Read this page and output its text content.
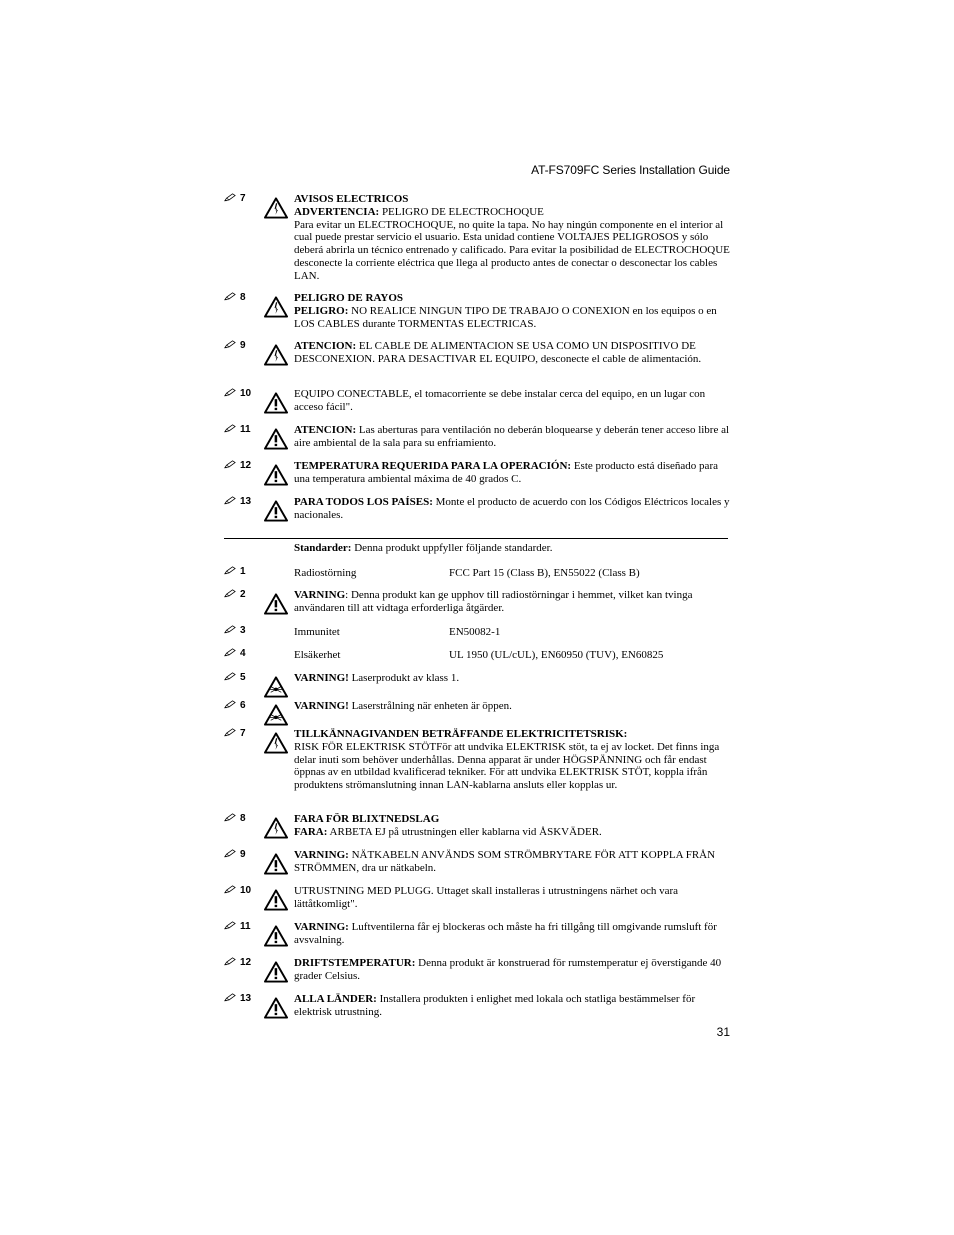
AT-FS709FC Series Installation Guide
7	AVISOS ELECTRICOS
ADVERTENCIA: PELIGRO DE ELECTROCHOQUE
Para evitar un ELECTROCHOQUE, no quite la tapa. No hay ningún componente en el interior al cual puede prestar servicio el usuario. Esta unidad contiene VOLTAJES PELIGROSOS y sólo deberá abrirla un técnico entrenado y calificado. Para evitar la posibilidad de ELECTROCHOQUE desconecte la corriente eléctrica que llega al producto antes de conectar o desconectar los cables LAN.
8	PELIGRO DE RAYOS
PELIGRO: NO REALICE NINGUN TIPO DE TRABAJO O CONEXION en los equipos o en LOS CABLES durante TORMENTAS ELECTRICAS.
9	ATENCION: EL CABLE DE ALIMENTACION SE USA COMO UN DISPOSITIVO DE DESCONEXION. PARA DESACTIVAR EL EQUIPO, desconecte el cable de alimentación.
10	EQUIPO CONECTABLE, el tomacorriente se debe instalar cerca del equipo, en un lugar con acceso fácil".
11	ATENCION: Las aberturas para ventilación no deberán bloquearse y deberán tener acceso libre al aire ambiental de la sala para su enfriamiento.
12	TEMPERATURA REQUERIDA PARA LA OPERACIÓN: Este producto está diseñado para una temperatura ambiental máxima de 40 grados C.
13	PARA TODOS LOS PAÍSES: Monte el producto de acuerdo con los Códigos Eléctricos locales y nacionales.
Standarder: Denna produkt uppfyller följande standarder.
1	Radiostörning	FCC Part 15 (Class B), EN55022 (Class B)
2	VARNING: Denna produkt kan ge upphov till radiostörningar i hemmet, vilket kan tvinga användaren till att vidtaga erforderliga åtgärder.
3	Immunitet	EN50082-1
4	Elsäkerhet	UL 1950 (UL/cUL), EN60950 (TUV), EN60825
5	VARNING! Laserprodukt av klass 1.
6	VARNING! Laserstrålning när enheten är öppen.
7	TILLKÄNNAGIVANDEN BETRÄFFANDE ELEKTRICITETSRISK:
RISK FÖR ELEKTRISK STÖTFör att undvika ELEKTRISK stöt, ta ej av locket. Det finns inga delar inuti som behöver underhållas. Denna apparat är under HÖGSPÄNNING och får endast öppnas av en utbildad kvalificerad tekniker. För att undvika ELEKTRISK STÖT, koppla ifrån produktens strömanslutning innan LAN-kablarna ansluts eller kopplas ur.
8	FARA FÖR BLIXTNEDSLAG
FARA: ARBETA EJ på utrustningen eller kablarna vid ÅSKVÄDER.
9	VARNING: NÄTKABELN ANVÄNDS SOM STRÖMBRYTARE FÖR ATT KOPPLA FRÅN STRÖMMEN, dra ur nätkabeln.
10	UTRUSTNING MED PLUGG. Uttaget skall installeras i utrustningens närhet och vara lättåtkomligt".
11	VARNING: Luftventilerna får ej blockeras och måste ha fri tillgång till omgivande rumsluft för avsvalning.
12	DRIFTSTEMPERATUR: Denna produkt är konstruerad för rumstemperatur ej överstigande 40 grader Celsius.
13	ALLA LÄNDER: Installera produkten i enlighet med lokala och statliga bestämmelser för elektrisk utrustning.
31
